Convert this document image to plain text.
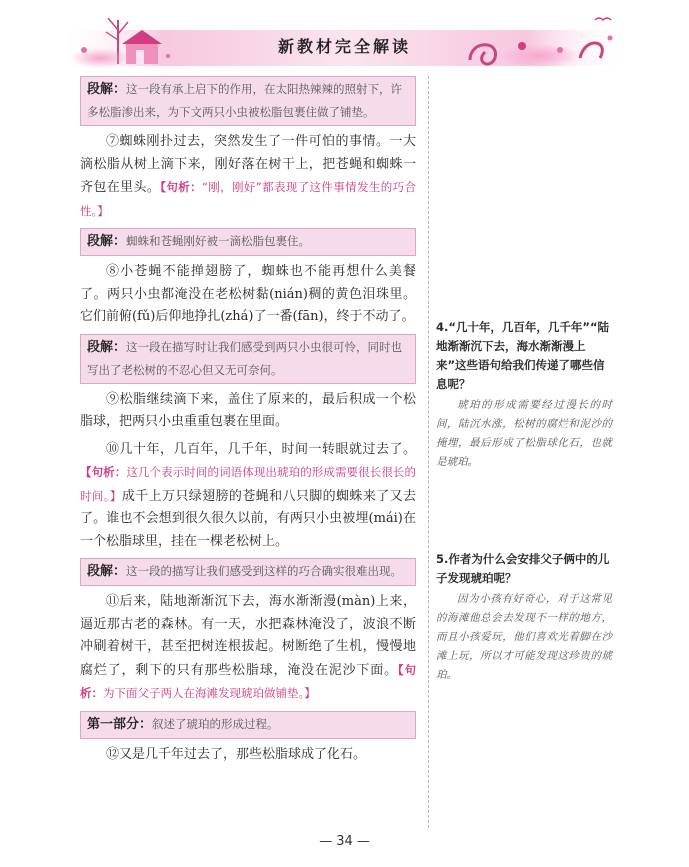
新教材完全解读
段解：这一段有承上启下的作用，在太阳热辣辣的照射下，许多松脂渗出来，为下文两只小虫被松脂包裹住做了铺垫。
⑦蜘蛛刚扑过去，突然发生了一件可怕的事情。一大滴松脂从树上滴下来，刚好落在树干上，把苍蝇和蜘蛛一齐包在里头。【句析：“刚，刚好”都表现了这件事情发生的巧合性。】
段解：蜘蛛和苍蝇刚好被一滴松脂包裹住。
⑧小苍蝇不能掸翅膀了，蜘蛛也不能再想什么美餐了。两只小虫都淹没在老松树黏(nián)稠的黄色泪珠里。它们前俯(fǔ)后仰地挣扎(zhá)了一番(fān)，终于不动了。
段解：这一段在描写时让我们感受到两只小虫很可怜，同时也写出了老松树的不忍心但又无可奈何。
⑨松脂继续滴下来，盖住了原来的，最后积成一个松脂球，把两只小虫重重包裹在里面。
⑩几十年，几百年，几千年，时间一转眼就过去了。【句析：这几个表示时间的词语体现出琥珀的形成需要很长很长的时间。】成千上万只绿翅膀的苍蝇和八只脚的蜘蛛来了又去了。谁也不会想到很久很久以前，有两只小虫被埋(mái)在一个松脂球里，挂在一棵老松树上。
段解：这一段的描写让我们感受到这样的巧合确实很难出现。
⑪后来，陆地渐渐沉下去，海水渐渐漫(màn)上来，逼近那古老的森林。有一天，水把森林淹没了，波浪不断冲刷着树干，甚至把树连根拔起。树断绝了生机，慢慢地腐烂了，剩下的只有那些松脂球，淹没在泥沙下面。【句析：为下面父子两人在海滩发现琥珀做铺垫。】
第一部分：叙述了琥珀的形成过程。
⑫又是几千年过去了，那些松脂球成了化石。
4.“几十年，几百年，几千年”“陆地渐渐沉下去，海水渐渐漫上来”这些语句给我们传递了哪些信息呢？
琥珀的形成需要经过漫长的时间，陆沉水涨，松树的腐烂和泥沙的掩埋，最后形成了松脂球化石，也就是琥珀。
5.作者为什么会安排父子俩中的儿子发现琥珀呢？
因为小孩有好奇心，对于这常见的海滩他总会去发现不一样的地方，而且小孩爱玩，他们喜欢光着脚在沙滩上玩，所以才可能发现这珍贵的琥珀。
— 34 —
